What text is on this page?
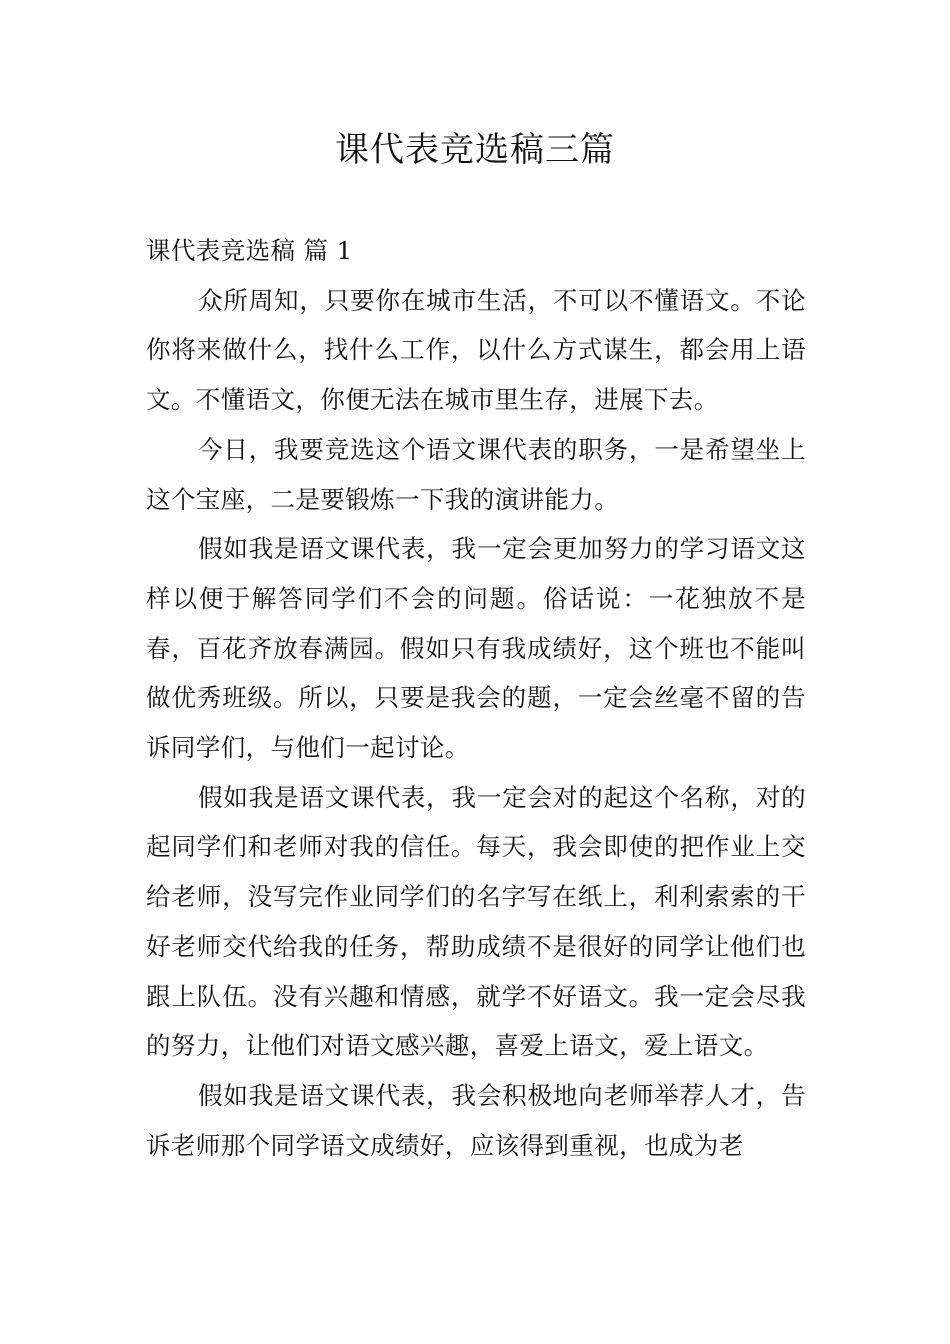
课代表竞选稿三篇

课代表竞选稿 篇 1

众所周知，只要你在城市生活，不可以不懂语文。不论你将来做什么，找什么工作，以什么方式谋生，都会用上语文。不懂语文，你便无法在城市里生存，进展下去。

今日，我要竞选这个语文课代表的职务，一是希望坐上这个宝座，二是要锻炼一下我的演讲能力。

假如我是语文课代表，我一定会更加努力的学习语文这样以便于解答同学们不会的问题。俗话说：一花独放不是春，百花齐放春满园。假如只有我成绩好，这个班也不能叫做优秀班级。所以，只要是我会的题，一定会丝毫不留的告诉同学们，与他们一起讨论。

假如我是语文课代表，我一定会对的起这个名称，对的起同学们和老师对我的信任。每天，我会即使的把作业上交给老师，没写完作业同学们的名字写在纸上，利利索索的干好老师交代给我的任务，帮助成绩不是很好的同学让他们也跟上队伍。没有兴趣和情感，就学不好语文。我一定会尽我的努力，让他们对语文感兴趣，喜爱上语文，爱上语文。

假如我是语文课代表，我会积极地向老师举荐人才，告诉老师那个同学语文成绩好，应该得到重视，也成为老
